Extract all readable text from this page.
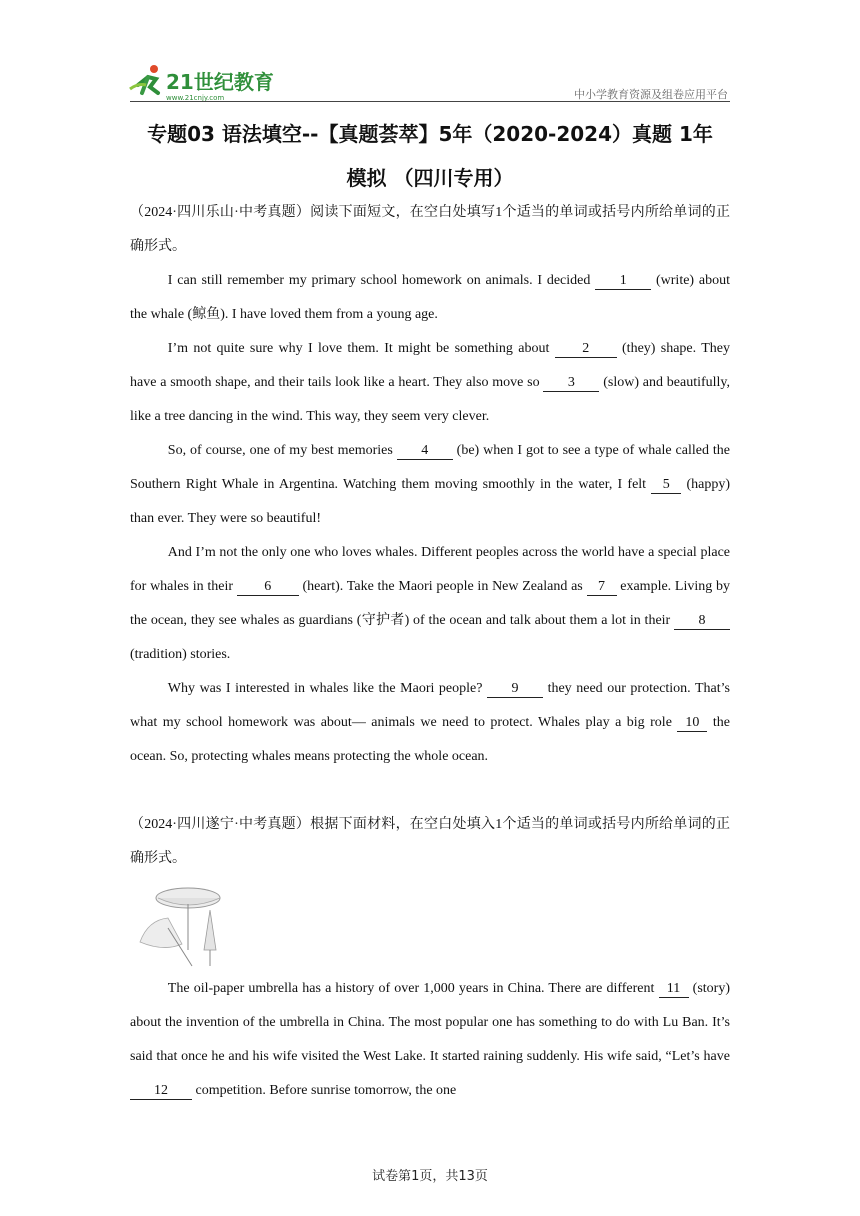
21世纪教育
www.21cnjy.com	中小学教育资源及组卷应用平台
专题03 语法填空--【真题荟萃】5年（2020-2024）真题 1年
模拟 （四川专用）

（2024·四川乐山·中考真题）阅读下面短文，在空白处填写1个适当的单词或括号内所给单词的正确形式。

I can still remember my primary school homework on animals. I decided 1 (write) about the whale (鲸鱼). I have loved them from a young age.

I’m not quite sure why I love them. It might be something about 2 (they) shape. They have a smooth shape, and their tails look like a heart. They also move so 3 (slow) and beautifully, like a tree dancing in the wind. This way, they seem very clever.

So, of course, one of my best memories 4 (be) when I got to see a type of whale called the Southern Right Whale in Argentina. Watching them moving smoothly in the water, I felt 5 (happy) than ever. They were so beautiful!

And I’m not the only one who loves whales. Different peoples across the world have a special place for whales in their 6 (heart). Take the Maori people in New Zealand as 7 example. Living by the ocean, they see whales as guardians (守护者) of the ocean and talk about them a lot in their 8 (tradition) stories.

Why was I interested in whales like the Maori people? 9 they need our protection. That’s what my school homework was about— animals we need to protect. Whales play a big role 10 the ocean. So, protecting whales means protecting the whole ocean.

（2024·四川遂宁·中考真题）根据下面材料，在空白处填入1个适当的单词或括号内所给单词的正确形式。

The oil-paper umbrella has a history of over 1,000 years in China. There are different 11 (story) about the invention of the umbrella in China. The most popular one has something to do with Lu Ban. It’s said that once he and his wife visited the West Lake. It started raining suddenly. His wife said, “Let’s have 12 competition. Before sunrise tomorrow, the one

试卷第1页，共13页
